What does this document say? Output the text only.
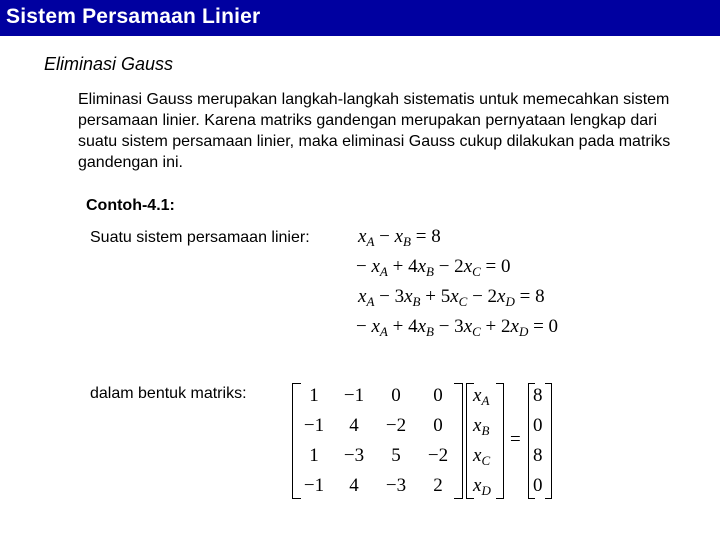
Sistem Persamaan Linier
Eliminasi Gauss
Eliminasi Gauss merupakan langkah-langkah sistematis untuk memecahkan sistem persamaan linier. Karena matriks gandengan merupakan pernyataan lengkap dari suatu sistem persamaan linier, maka eliminasi Gauss cukup dilakukan pada matriks gandengan ini.
Contoh-4.1:
Suatu sistem persamaan linier:	$x_A - x_B = 8$
− $x_A + 4x_B - 2x_C = 0$
$x_A - 3x_B + 5x_C - 2x_D = 8$
− $x_A + 4x_B - 3x_C + 2x_D = 0$
dalam bentuk matriks:	1	−1	0	0
−1	4	−2	0
1	−3	5	−2
−1	4	−3	2
$x_A$
$x_B$
$x_C$
$x_D$
=
8
0
8
0
